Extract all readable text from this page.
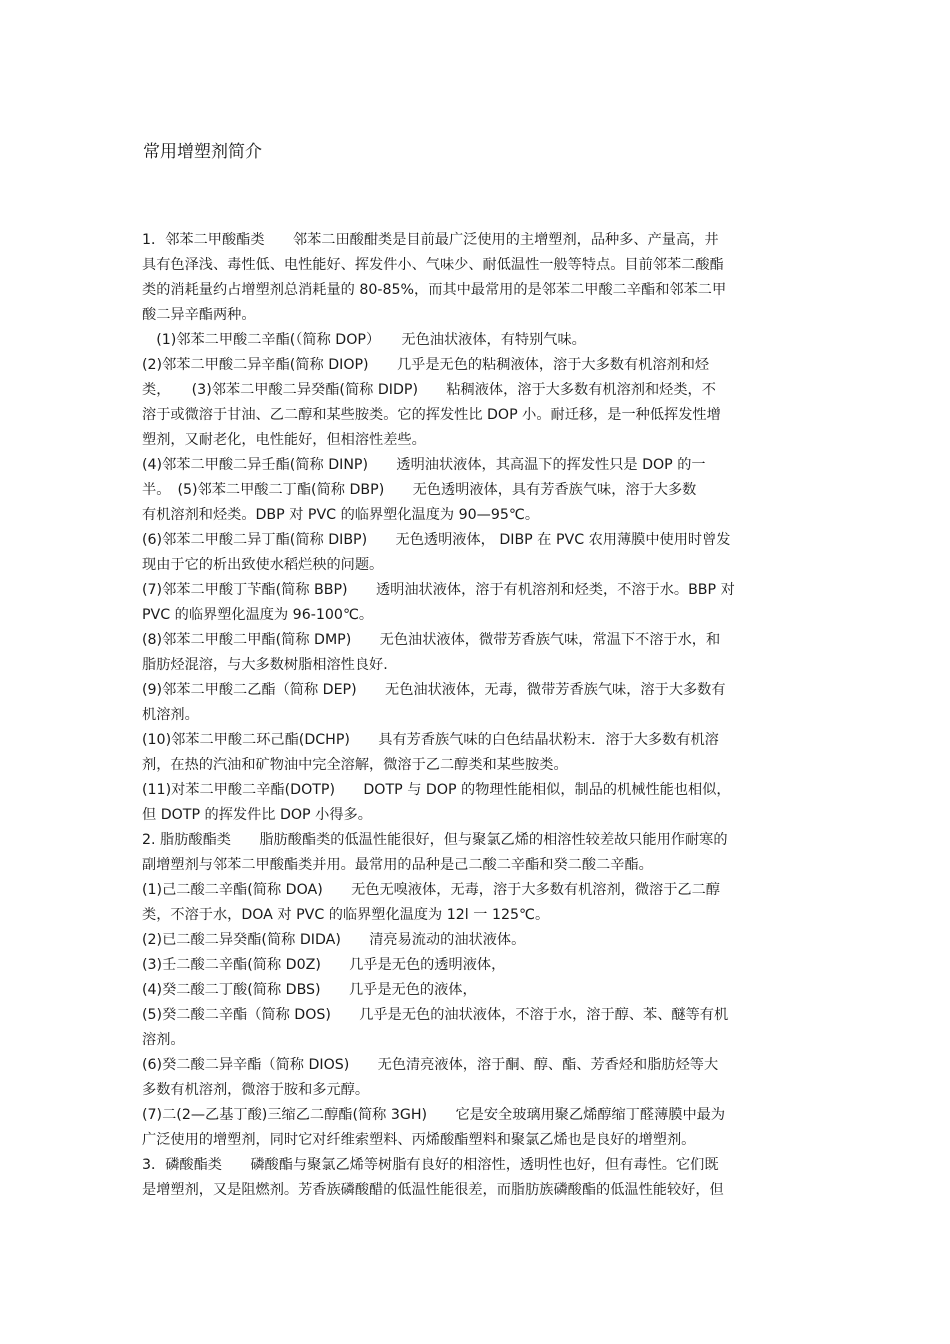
常用增塑剂简介
1．邻苯二甲酸酯类　　邻苯二田酸酣类是目前最广泛使用的主增塑剂，品种多、产量高，井
具有色泽浅、毒性低、电性能好、挥发件小、气味少、耐低温性一般等特点。目前邻苯二酸酯
类的消耗量约占增塑剂总消耗量的 80-85%，而其中最常用的是邻苯二甲酸二辛酯和邻苯二甲
酸二异辛酯两种。
　(1)邻苯二甲酸二辛酯(（简称 DOP）　　无色油状液体，有特别气味。
(2)邻苯二甲酸二异辛酯(简称 DIOP)　　几乎是无色的粘稠液体，溶于大多数有机溶剂和烃
类，　　(3)邻苯二甲酸二异癸酯(简称 DIDP)　　粘稠液体，溶于大多数有机溶剂和烃类，不
溶于或微溶于甘油、乙二醇和某些胺类。它的挥发性比 DOP 小。耐迁移，是一种低挥发性增
塑剂，又耐老化，电性能好，但相溶性差些。
(4)邻苯二甲酸二异壬酯(简称 DINP)　　透明油状液体，其高温下的挥发性只是 DOP 的一
半。　(5)邻苯二甲酸二丁酯(简称 DBP)　　无色透明液体，具有芳香族气味，溶于大多数
有机溶剂和烃类。DBP 对 PVC 的临界塑化温度为 90—95℃。
(6)邻苯二甲酸二异丁酯(简称 DIBP)　　无色透明液体， DIBP 在 PVC 农用薄膜中使用时曾发
现由于它的析出致使水稻烂秧的问题。
(7)邻苯二甲酸丁苄酯(简称 BBP)　　透明油状液体，溶于有机溶剂和烃类，不溶于水。BBP 对
PVC 的临界塑化温度为 96-100℃。
(8)邻苯二甲酸二甲酯(简称 DMP)　　无色油状液体，微带芳香族气味，常温下不溶于水，和
脂肪烃混溶，与大多数树脂相溶性良好.
(9)邻苯二甲酸二乙酯（简称 DEP)　　无色油状液体，无毒，微带芳香族气味，溶于大多数有
机溶剂。
(10)邻苯二甲酸二环己酯(DCHP)　　具有芳香族气味的白色结晶状粉末．溶于大多数有机溶
剂，在热的汽油和矿物油中完全溶解，微溶于乙二醇类和某些胺类。
(11)对苯二甲酸二辛酯(DOTP)　　DOTP 与 DOP 的物理性能相似，制品的机械性能也相似，
但 DOTP 的挥发件比 DOP 小得多。
2. 脂肪酸酯类　　脂肪酸酯类的低温性能很好，但与聚氯乙烯的相溶性较差故只能用作耐寒的
副增塑剂与邻苯二甲酸酯类并用。最常用的品种是己二酸二辛酯和癸二酸二辛酯。
(1)己二酸二辛酯(简称 DOA)　　无色无嗅液体，无毒，溶于大多数有机溶剂，微溶于乙二醇
类，不溶于水，DOA 对 PVC 的临界塑化温度为 12l 一 125℃。
(2)已二酸二异癸酯(简称 DIDA)　　清亮易流动的油状液体。
(3)壬二酸二辛酯(简称 D0Z)　　几乎是无色的透明液体，
(4)癸二酸二丁酸(简称 DBS)　　几乎是无色的液体，
(5)癸二酸二辛酯（简称 DOS)　　几乎是无色的油状液体，不溶于水，溶于醇、苯、醚等有机
溶剂。
(6)癸二酸二异辛酯（简称 DIOS)　　无色清亮液体，溶于酮、醇、酯、芳香烃和脂肪烃等大
多数有机溶剂，微溶于胺和多元醇。
(7)二(2—乙基丁酸)三缩乙二醇酯(简称 3GH)　　它是安全玻璃用聚乙烯醇缩丁醛薄膜中最为
广泛使用的增塑剂，同时它对纤维索塑料、丙烯酸酯塑料和聚氯乙烯也是良好的增塑剂。
3．磷酸酯类　　磷酸酯与聚氯乙烯等树脂有良好的相溶性，透明性也好，但有毒性。它们既
是增塑剂，又是阻燃剂。芳香族磷酸醋的低温性能很差，而脂肪族磷酸酯的低温性能较好，但
